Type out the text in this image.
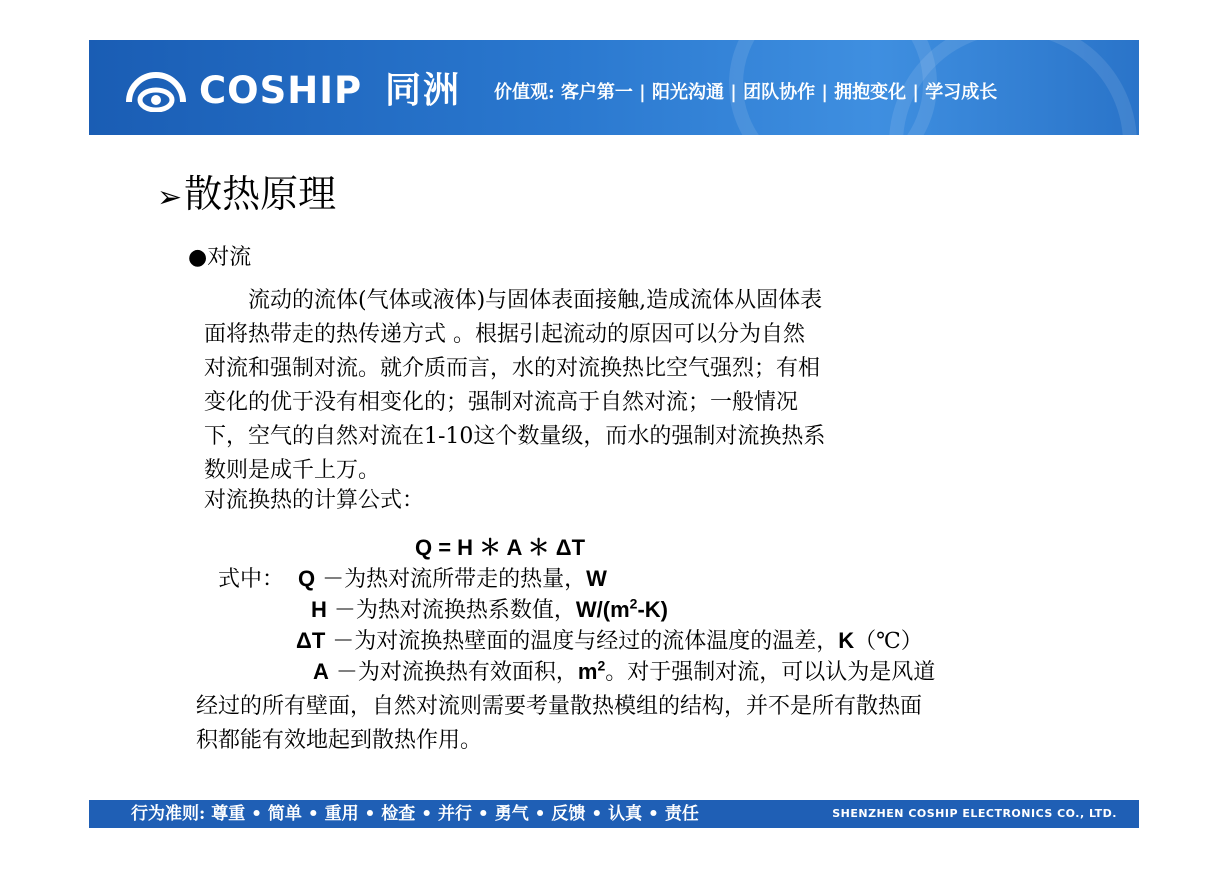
COSHIP 同洲 价值观: 客户第一 | 阳光沟通 | 团队协作 | 拥抱变化 | 学习成长
➢散热原理
●对流

　　流动的流体(气体或液体)与固体表面接触,造成流体从固体表
面将热带走的热传递方式 。根据引起流动的原因可以分为自然
对流和强制对流。就介质而言，水的对流换热比空气强烈；有相
变化的优于没有相变化的；强制对流高于自然对流；一般情况
下，空气的自然对流在1-10这个数量级，而水的强制对流换热系
数则是成千上万。

对流换热的计算公式：
Q = H ＊ A ＊ ΔT
式中： Q －为热对流所带走的热量，W
H －为热对流换热系数值，$W/(m^2-K)$
ΔT －为对流换热壁面的温度与经过的流体温度的温差，K（℃）
A －为对流换热有效面积，$m^2$。对于强制对流，可以认为是风道
经过的所有壁面，自然对流则需要考量散热模组的结构，并不是所有散热面
积都能有效地起到散热作用。
行为准则: 尊重 • 简单 • 重用 • 检查 • 并行 • 勇气 • 反馈 • 认真 • 责任	SHENZHEN COSHIP ELECTRONICS CO., LTD.
